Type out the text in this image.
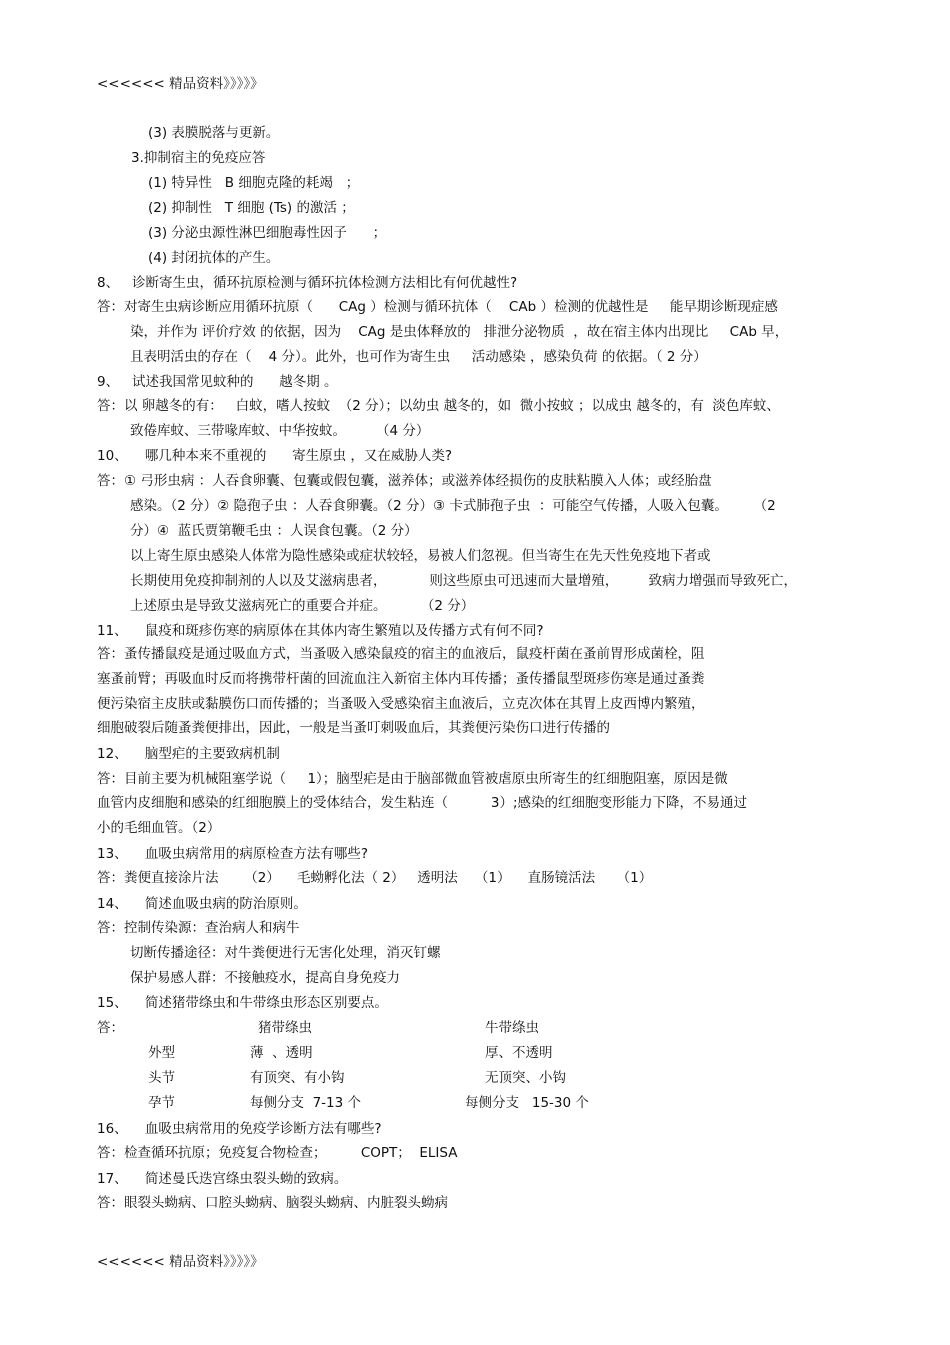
<<<<<< 精品资料》》》》》
(3) 表膜脱落与更新。
3.抑制宿主的免疫应答
(1) 特异性   B 细胞克隆的耗竭   ；
(2) 抑制性   T 细胞 (Ts) 的激活 ；
(3) 分泌虫源性淋巴细胞毒性因子      ；
(4) 封闭抗体的产生。
8、   诊断寄生虫，循环抗原检测与循环抗体检测方法相比有何优越性?
答：对寄生虫病诊断应用循环抗原（      CAg ）检测与循环抗体（    CAb ）检测的优越性是     能早期诊断现症感
染，并作为 评价疗效 的依据，因为    CAg 是虫体释放的   排泄分泌物质  ，故在宿主体内出现比     CAb 早，
且表明活虫的存在（    4 分）。此外，也可作为寄生虫     活动感染 ，感染负荷 的依据。（ 2 分）
9、   试述我国常见蚊种的      越冬期 。
答：以 卵越冬的有：   白蚊，嗜人按蚊  （2 分）；以幼虫 越冬的，如  微小按蚊 ；以成虫 越冬的，有  淡色库蚊、
致倦库蚊、三带喙库蚊、中华按蚊。       （4 分）
10、    哪几种本来不重视的      寄生原虫 ，又在威胁人类?
答：① 弓形虫病 ：人吞食卵囊、包囊或假包囊，滋养体；或滋养体经损伤的皮肤粘膜入人体；或经胎盘
感染。（2 分）② 隐孢子虫 ：人吞食卵囊。（2 分）③ 卡式肺孢子虫  ：可能空气传播，人吸入包囊。      （2
分）④  蓝氏贾第鞭毛虫 ：人误食包囊。（2 分）
以上寄生原虫感染人体常为隐性感染或症状较轻，易被人们忽视。但当寄生在先天性免疫地下者或
长期使用免疫抑制剂的人以及艾滋病患者，          则这些原虫可迅速而大量增殖，       致病力增强而导致死亡，
上述原虫是导致艾滋病死亡的重要合并症。        （2 分）
11、    鼠疫和斑疹伤寒的病原体在其体内寄生繁殖以及传播方式有何不同?
答：蚤传播鼠疫是通过吸血方式，当蚤吸入感染鼠疫的宿主的血液后，鼠疫杆菌在蚤前胃形成菌栓，阻
塞蚤前臂；再吸血时反而将携带杆菌的回流血注入新宿主体内耳传播；蚤传播鼠型斑疹伤寒是通过蚤粪
便污染宿主皮肤或黏膜伤口而传播的；当蚤吸入受感染宿主血液后，立克次体在其胃上皮西博内繁殖，
细胞破裂后随蚤粪便排出，因此，一般是当蚤叮刺吸血后，其粪便污染伤口进行传播的
12、    脑型疟的主要致病机制
答：目前主要为机械阻塞学说（     1）；脑型疟是由于脑部微血管被虐原虫所寄生的红细胞阻塞，原因是微
血管内皮细胞和感染的红细胞膜上的受体结合，发生粘连（          3）;感染的红细胞变形能力下降，不易通过
小的毛细血管。（2）
13、    血吸虫病常用的病原检查方法有哪些?
答：粪便直接涂片法      （2）    毛蚴孵化法（ 2）   透明法    （1）    直肠镜活法     （1）
14、    简述血吸虫病的防治原则。
答：控制传染源：查治病人和病牛
切断传播途径：对牛粪便进行无害化处理，消灭钉螺
保护易感人群：不接触疫水，提高自身免疫力
15、    简述猪带绦虫和牛带绦虫形态区别要点。
16、    血吸虫病常用的免疫学诊断方法有哪些?
答：检查循环抗原；免疫复合物检查；        COPT；  ELISA
17、    简述曼氏迭宫绦虫裂头蚴的致病。
答：眼裂头蚴病、口腔头蚴病、脑裂头蚴病、内脏裂头蚴病
答：	猪带绦虫	牛带绦虫
外型	薄  、透明	厚、不透明
头节	有顶突、有小钩	无顶突、小钩
孕节	每侧分支  7-13 个	每侧分支   15-30 个
<<<<<< 精品资料》》》》》
